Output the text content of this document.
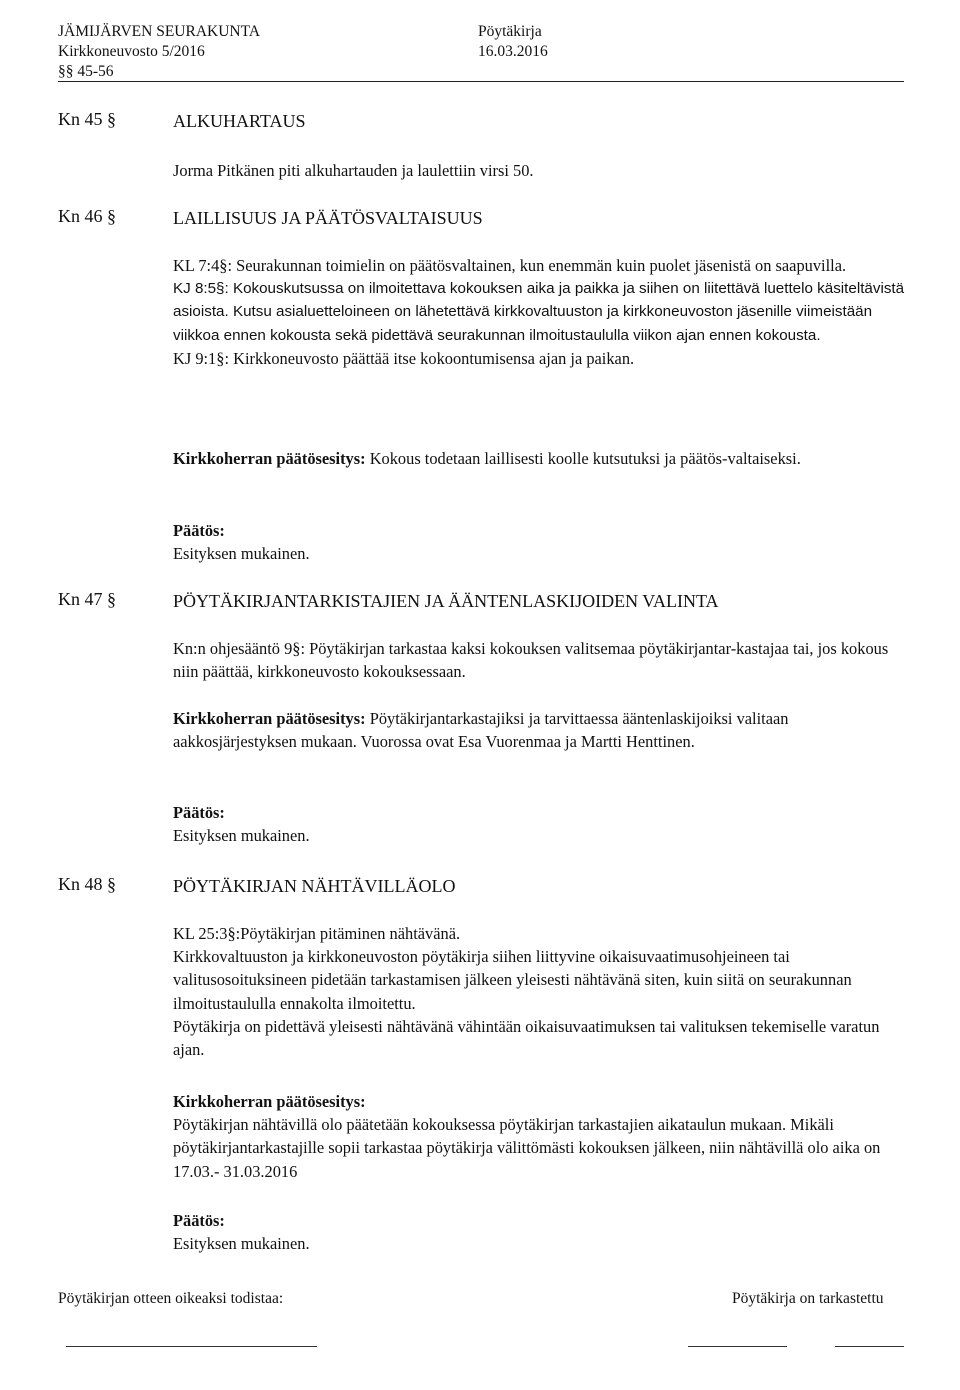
JÄMIJÄRVEN SEURAKUNTA	Pöytäkirja
Kirkkoneuvosto 5/2016	16.03.2016
§§ 45-56
Kn 45 §	ALKUHARTAUS
Jorma Pitkänen piti alkuhartauden ja laulettiin virsi 50.
Kn 46 §	LAILLISUUS JA PÄÄTÖSVALTAISUUS

KL 7:4§: Seurakunnan toimielin on päätösvaltainen, kun enemmän kuin puolet jäsenistä on saapuvilla.

KJ 8:5§: Kokouskutsussa on ilmoitettava kokouksen aika ja paikka ja siihen on liitettävä luettelo käsiteltävistä asioista. Kutsu asialuetteloineen on lähetettävä kirkkovaltuuston ja kirkkoneuvoston jäsenille viimeistään viikkoa ennen kokousta sekä pidettävä seurakunnan ilmoitustaululla viikon ajan ennen kokousta.

KJ 9:1§: Kirkkoneuvosto päättää itse kokoontumisensa ajan ja paikan.

Kirkkoherran päätösesitys: Kokous todetaan laillisesti koolle kutsutuksi ja päätös-valtaiseksi.

Päätös:

Esityksen mukainen.

Kn 47 §	PÖYTÄKIRJANTARKISTAJIEN JA ÄÄNTENLASKIJOIDEN VALINTA
Kn:n ohjesääntö 9§: Pöytäkirjan tarkastaa kaksi kokouksen valitsemaa pöytäkirjantar-kastajaa tai, jos kokous niin päättää, kirkkoneuvosto kokouksessaan.
Kirkkoherran päätösesitys: Pöytäkirjantarkastajiksi ja tarvittaessa ääntenlaskijoiksi valitaan aakkosjärjestyksen mukaan. Vuorossa ovat Esa Vuorenmaa ja Martti Henttinen.

Päätös:

Esityksen mukainen.

Kn 48 §	PÖYTÄKIRJAN NÄHTÄVILLÄOLO

KL 25:3§:Pöytäkirjan pitäminen nähtävänä.

Kirkkovaltuuston ja kirkkoneuvoston pöytäkirja siihen liittyvine oikaisuvaatimusohjeineen tai valitusosoituksineen pidetään tarkastamisen jälkeen yleisesti nähtävänä siten, kuin siitä on seurakunnan ilmoitustaululla ennakolta ilmoitettu.

Pöytäkirja on pidettävä yleisesti nähtävänä vähintään oikaisuvaatimuksen tai valituksen tekemiselle varatun ajan.

Kirkkoherran päätösesitys:

Pöytäkirjan nähtävillä olo päätetään kokouksessa pöytäkirjan tarkastajien aikataulun mukaan. Mikäli pöytäkirjantarkastajille sopii tarkastaa pöytäkirja välittömästi kokouksen jälkeen, niin nähtävillä olo aika on 17.03.- 31.03.2016

Päätös:

Esityksen mukainen.

Pöytäkirjan otteen oikeaksi todistaa:	Pöytäkirja on tarkastettu
